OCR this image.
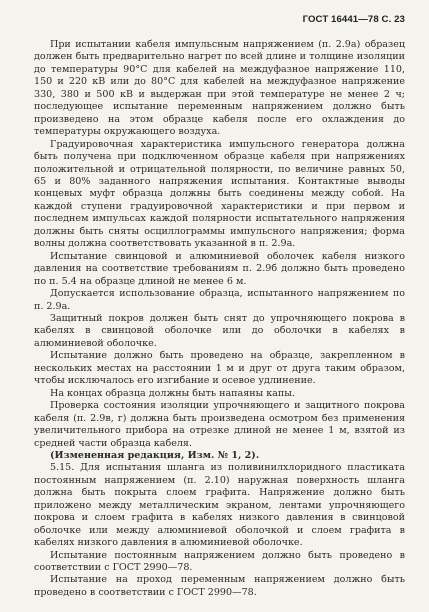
ГОСТ 16441—78 С. 23

При испытании кабеля импульсным напряжением (п. 2.9а) образец должен быть предварительно нагрет по всей длине и толщине изоляции до температуры 90°С для кабелей на междуфазное напряжение 110, 150 и 220 кВ или до 80°С для кабелей на междуфазное напряжение 330, 380 и 500 кВ и выдержан при этой температуре не менее 2 ч; последующее испытание переменным напряжением должно быть произведено на этом образце кабеля после его охлаждения до температуры окружающего воздуха.

Градуировочная характеристика импульсного генератора должна быть получена при подключенном образце кабеля при напряжениях положительной и отрицательной полярности, по величине равных 50, 65 и 80% заданного напряжения испытания. Контактные выводы концевых муфт образца должны быть соединены между собой. На каждой ступени градуировочной характеристики и при первом и последнем импульсах каждой полярности испытательного напряжения должны быть сняты осциллограммы импульсного напряжения; форма волны должна соответствовать указанной в п. 2.9а.

Испытание свинцовой и алюминиевой оболочек кабеля низкого давления на соответствие требованиям п. 2.9б должно быть проведено по п. 5.4 на образце длиной не менее 6 м.

Допускается использование образца, испытанного напряжением по п. 2.9а.

Защитный покров должен быть снят до упрочняющего покрова в кабелях в свинцовой оболочке или до оболочки в кабелях в алюминиевой оболочке.

Испытание должно быть проведено на образце, закрепленном в нескольких местах на расстоянии 1 м и друг от друга таким образом, чтобы исключалось его изгибание и осевое удлинение.

На концах образца должны быть напаяны капы.

Проверка состояния изоляции упрочняющего и защитного покрова кабеля (п. 2.9в, г) должна быть произведена осмотром без применения увеличительного прибора на отрезке длиной не менее 1 м, взятой из средней части образца кабеля.

(Измененная редакция, Изм. № 1, 2).

5.15. Для испытания шланга из поливинилхлоридного пластиката постоянным напряжением (п. 2.10) наружная поверхность шланга должна быть покрыта слоем графита. Напряжение должно быть приложено между металлическим экраном, лентами упрочняющего покрова и слоем графита в кабелях низкого давления в свинцовой оболочке или между алюминиевой оболочкой и слоем графита в кабелях низкого давления в алюминиевой оболочке.

Испытание постоянным напряжением должно быть проведено в соответствии с ГОСТ 2990—78.

Испытание на проход переменным напряжением должно быть проведено в соответствии с ГОСТ 2990—78.
